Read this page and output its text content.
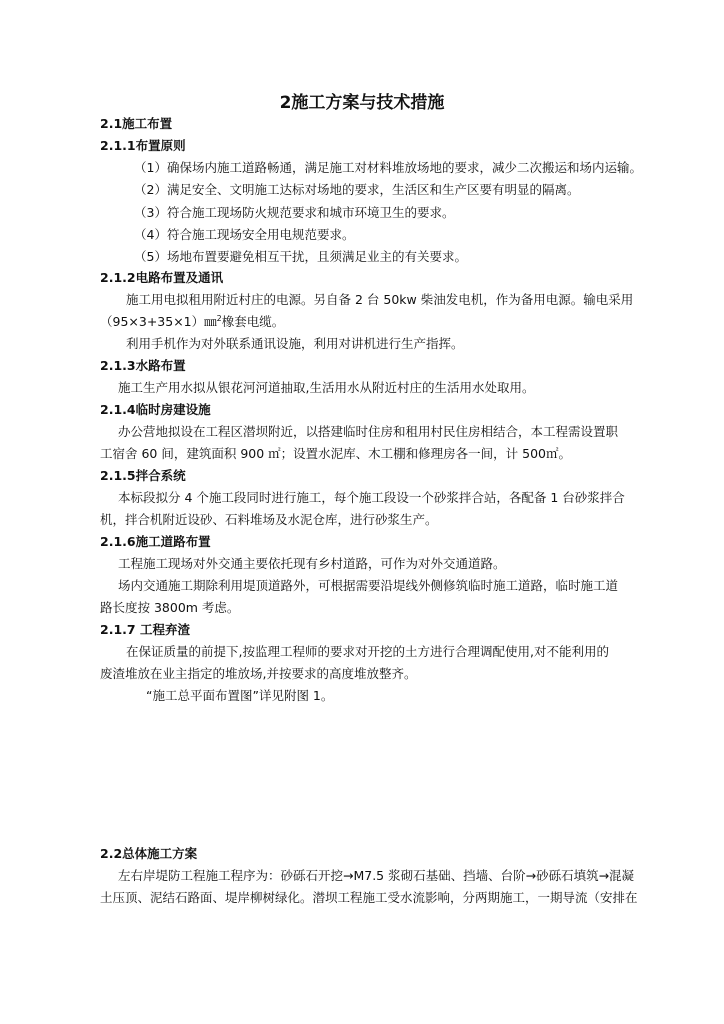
2施工方案与技术措施
2.1施工布置
2.1.1布置原则
（1）确保场内施工道路畅通，满足施工对材料堆放场地的要求，减少二次搬运和场内运输。
（2）满足安全、文明施工达标对场地的要求，生活区和生产区要有明显的隔离。
（3）符合施工现场防火规范要求和城市环境卫生的要求。
（4）符合施工现场安全用电规范要求。
（5）场地布置要避免相互干扰，且须满足业主的有关要求。
2.1.2电路布置及通讯
施工用电拟租用附近村庄的电源。另自备 2 台 50kw 柴油发电机，作为备用电源。输电采用
（95×3+35×1）㎜$^2$橡套电缆。
利用手机作为对外联系通讯设施，利用对讲机进行生产指挥。
2.1.3水路布置
施工生产用水拟从银花河河道抽取,生活用水从附近村庄的生活用水处取用。
2.1.4临时房建设施
办公营地拟设在工程区潜坝附近，以搭建临时住房和租用村民住房相结合，本工程需设置职
工宿舍 60 间，建筑面积 900 ㎡；设置水泥库、木工棚和修理房各一间，计 500㎡。
2.1.5拌合系统
本标段拟分 4 个施工段同时进行施工，每个施工段设一个砂浆拌合站，各配备 1 台砂浆拌合
机，拌合机附近设砂、石料堆场及水泥仓库，进行砂浆生产。
2.1.6施工道路布置
工程施工现场对外交通主要依托现有乡村道路，可作为对外交通道路。
场内交通施工期除利用堤顶道路外，可根据需要沿堤线外侧修筑临时施工道路，临时施工道
路长度按 3800m 考虑。
2.1.7 工程弃渣
在保证质量的前提下,按监理工程师的要求对开挖的土方进行合理调配使用,对不能利用的
废渣堆放在业主指定的堆放场,并按要求的高度堆放整齐。
“施工总平面布置图”详见附图 1。
2.2总体施工方案
左右岸堤防工程施工程序为：砂砾石开挖→M7.5 浆砌石基础、挡墙、台阶→砂砾石填筑→混凝
土压顶、泥结石路面、堤岸柳树绿化。潜坝工程施工受水流影响，分两期施工，一期导流（安排在
